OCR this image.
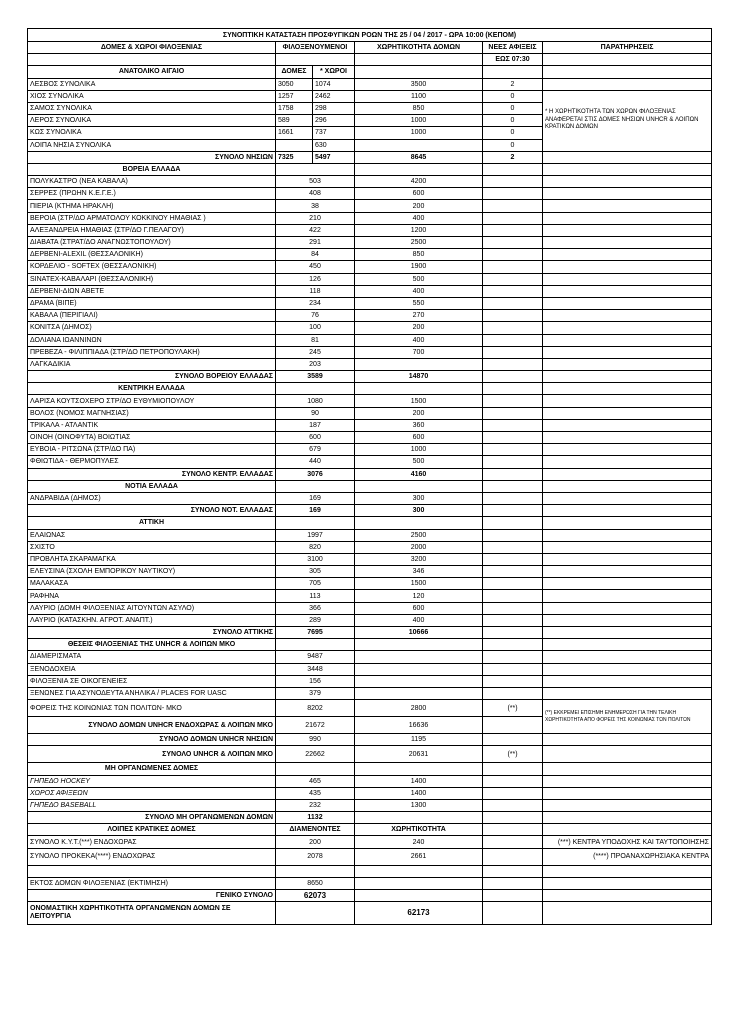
ΣΥΝΟΠΤΙΚΗ ΚΑΤΑΣΤΑΣΗ ΠΡΟΣΦΥΓΙΚΩΝ ΡΟΩΝ ΤΗΣ 25 / 04 / 2017 - ΩΡΑ 10:00 (ΚΕΠΟΜ)					
ΔΟΜΕΣ & ΧΩΡΟΙ ΦΙΛΟΞΕΝΙΑΣ	ΦΙΛΟΞΕΝΟΥΜΕΝΟΙ		ΧΩΡΗΤΙΚΟΤΗΤΑ ΔΟΜΩΝ	ΝΕΕΣ ΑΦΙΞΕΙΣ	ΠΑΡΑΤΗΡΗΣΕΙΣ
				ΕΩΣ 07:30	
ΑΝΑΤΟΛΙΚΟ ΑΙΓΑΙΟ	ΔΟΜΕΣ	* ΧΩΡΟΙ			
ΛΕΣΒΟΣ ΣΥΝΟΛΙΚΑ	3050	1074	3500	2	
ΧΙΟΣ ΣΥΝΟΛΙΚΑ	1257	2462	1100	0	* Η ΧΩΡΗΤΙΚΟΤΗΤΑ ΤΩΝ ΧΩΡΩΝ ΦΙΛΟΞΕΝΙΑΣ ΑΝΑΦΕΡΕΤΑΙ ΣΤΙΣ ΔΟΜΕΣ ΝΗΣΙΩΝ UNHCR & ΛΟΙΠΩΝ ΚΡΑΤΙΚΩΝ ΔΟΜΩΝ
ΣΑΜΟΣ ΣΥΝΟΛΙΚΑ	1758	298	850	0	
ΛΕΡΟΣ ΣΥΝΟΛΙΚΑ	589	296	1000	0	
ΚΩΣ ΣΥΝΟΛΙΚΑ	1661	737	1000	0	
ΛΟΙΠΑ ΝΗΣΙΑ ΣΥΝΟΛΙΚΑ		630		0	
ΣΥΝΟΛΟ ΝΗΣΙΩΝ	7325	5497	8645	2	
ΒΟΡΕΙΑ ΕΛΛΑΔΑ					
ΠΟΛΥΚΑΣΤΡΟ (ΝΕΑ ΚΑΒΑΛΑ)	503		4200		
ΣΕΡΡΕΣ (ΠΡΩΗΝ Κ.Ε.Γ.Ε.)	408		600		
ΠΙΕΡΙΑ (ΚΤΗΜΑ ΗΡΑΚΛΗ)	38		200		
ΒΕΡΟΙΑ (ΣΤΡ/ΔΟ ΑΡΜΑΤΟΛΟΥ ΚΟΚΚΙΝΟΥ ΗΜΑΘΙΑΣ )	210		400		
ΑΛΕΞΑΝΔΡΕΙΑ ΗΜΑΘΙΑΣ (ΣΤΡ/ΔΟ Γ.ΠΕΛΑΓΟΥ)	422		1200		
ΔΙΑΒΑΤΑ (ΣΤΡΑΤ/ΔΟ ΑΝΑΓΝΩΣΤΟΠΟΥΛΟΥ)	291		2500		
ΔΕΡΒΕΝΙ-ALEXIL (ΘΕΣΣΑΛΟΝΙΚΗ)	84		850		
ΚΟΡΔΕΛΙΟ - SOFTEX (ΘΕΣΣΑΛΟΝΙΚΗ)	450		1900		
SINATEX-ΚΑΒΑΛΑΡΙ (ΘΕΣΣΑΛΟΝΙΚΗ)	126		500		
ΔΕΡΒΕΝΙ-ΔΙΩΝ ΑΒΕΤΕ	118		400		
ΔΡΑΜΑ (ΒΙΠΕ)	234		550		
ΚΑΒΑΛΑ (ΠΕΡΙΓΙΑΛΙ)	76		270		
ΚΟΝΙΤΣΑ (ΔΗΜΟΣ)	100		200		
ΔΟΛΙΑΝΑ ΙΩΑΝΝΙΝΩΝ	81		400		
ΠΡΕΒΕΖΑ - ΦΙΛΙΠΠΙΑΔΑ (ΣΤΡ/ΔΟ ΠΕΤΡΟΠΟΥΛΑΚΗ)	245		700		
ΛΑΓΚΑΔΙΚΙΑ	203				
ΣΥΝΟΛΟ ΒΟΡΕΙΟΥ ΕΛΛΑΔΑΣ	3589		14870		
ΚΕΝΤΡΙΚΗ ΕΛΛΑΔΑ					
ΛΑΡΙΣΑ ΚΟΥΤΣΟΧΕΡΟ ΣΤΡ/ΔΟ ΕΥΘΥΜΙΟΠΟΥΛΟΥ	1080		1500		
ΒΟΛΟΣ (ΝΟΜΟΣ ΜΑΓΝΗΣΙΑΣ)	90		200		
ΤΡΙΚΑΛΑ - ΑΤΛΑΝΤΙΚ	187		360		
ΟΙΝΟΗ (ΟΙΝΟΦΥΤΑ) ΒΟΙΩΤΙΑΣ	600		600		
ΕΥΒΟΙΑ - ΡΙΤΣΩΝΑ (ΣΤΡ/ΔΟ ΠΑ)	679		1000		
ΦΘΙΩΤΙΔΑ - ΘΕΡΜΟΠΥΛΕΣ	440		500		
ΣΥΝΟΛΟ ΚΕΝΤΡ. ΕΛΛΑΔΑΣ	3076		4160		
ΝΟΤΙΑ ΕΛΛΑΔΑ					
ΑΝΔΡΑΒΙΔΑ (ΔΗΜΟΣ)	169		300		
ΣΥΝΟΛΟ ΝΟΤ. ΕΛΛΑΔΑΣ	169		300		
ΑΤΤΙΚΗ					
ΕΛΑΙΩΝΑΣ	1997		2500		
ΣΧΙΣΤΟ	820		2000		
ΠΡΟΒΛΗΤΑ ΣΚΑΡΑΜΑΓΚΑ	3100		3200		
ΕΛΕΥΣΙΝΑ (ΣΧΟΛΗ ΕΜΠΟΡΙΚΟΥ ΝΑΥΤΙΚΟΥ)	305		346		
ΜΑΛΑΚΑΣΑ	705		1500		
ΡΑΦΗΝΑ	113		120		
ΛΑΥΡΙΟ (ΔΟΜΗ ΦΙΛΟΞΕΝΙΑΣ ΑΙΤΟΥΝΤΩΝ ΑΣΥΛΟ)	366		600		
ΛΑΥΡΙΟ (ΚΑΤΑΣΚΗΝ. ΑΓΡΟΤ. ΑΝΑΠΤ.)	289		400		
ΣΥΝΟΛΟ ΑΤΤΙΚΗΣ	7695		10666		
ΘΕΣΕΙΣ ΦΙΛΟΞΕΝΙΑΣ ΤΗΣ UNHCR & ΛΟΙΠΩΝ ΜΚΟ					
ΔΙΑΜΕΡΙΣΜΑΤΑ	9487				
ΞΕΝΟΔΟΧΕΙΑ	3448				
ΦΙΛΟΞΕΝΙΑ ΣΕ ΟΙΚΟΓΕΝΕΙΕΣ	156				
ΞΕΝΩΝΕΣ ΓΙΑ ΑΣΥΝΟΔΕΥΤΑ ΑΝΗΛΙΚΑ / PLACES FOR UASC	379				
ΦΟΡΕΙΣ ΤΗΣ ΚΟΙΝΩΝΙΑΣ ΤΩΝ ΠΟΛΙΤΩΝ- ΜΚΟ	8202		2800	(**)	(**) ΕΚΚΡΕΜΕΙ ΕΠΙΣΗΜΗ ΕΝΗΜΕΡΩΣΗ ΓΙΑ ΤΗΝ ΤΕΛΙΚΗ ΧΩΡΗΤΙΚΟΤΗΤΑ ΑΠΟ ΦΟΡΕΙΣ ΤΗΣ ΚΟΙΝΩΝΙΑΣ ΤΩΝ ΠΟΛΙΤΩΝ
ΣΥΝΟΛΟ ΔΟΜΩΝ UNHCR ΕΝΔΟΧΩΡΑΣ & ΛΟΙΠΩΝ ΜΚΟ	21672		16636		
ΣΥΝΟΛΟ ΔΟΜΩΝ UNHCR ΝΗΣΙΩΝ	990		1195		
ΣΥΝΟΛΟ UNHCR & ΛΟΙΠΩΝ ΜΚΟ	22662		20631	(**)	
ΜΗ ΟΡΓΑΝΩΜΕΝΕΣ ΔΟΜΕΣ					
ΓΗΠΕΔΟ HOCKEY	465		1400		
ΧΩΡΟΣ ΑΦΙΞΕΩΝ	435		1400		
ΓΗΠΕΔΟ BASEBALL	232		1300		
ΣΥΝΟΛΟ ΜΗ ΟΡΓΑΝΩΜΕΝΩΝ ΔΟΜΩΝ	1132				
ΛΟΙΠΕΣ ΚΡΑΤΙΚΕΣ ΔΟΜΕΣ	ΔΙΑΜΕΝΟΝΤΕΣ		ΧΩΡΗΤΙΚΟΤΗΤΑ		
ΣΥΝΟΛΟ Κ.Υ.Τ.(***) ΕΝΔΟΧΩΡΑΣ	200		240		(***) ΚΕΝΤΡΑ ΥΠΟΔΟΧΗΣ ΚΑΙ ΤΑΥΤΟΠΟΙΗΣΗΣ
ΣΥΝΟΛΟ ΠΡΟΚΕΚΑ(****) ΕΝΔΟΧΩΡΑΣ	2078		2661		(****) ΠΡΟΑΝΑΧΩΡΗΣΙΑΚΑ ΚΕΝΤΡΑ

ΕΚΤΟΣ ΔΟΜΩΝ ΦΙΛΟΞΕΝΙΑΣ (ΕΚΤΙΜΗΣΗ)	8650				
ΓΕΝΙΚΟ ΣΥΝΟΛΟ	62073				
ΟΝΟΜΑΣΤΙΚΗ ΧΩΡΗΤΙΚΟΤΗΤΑ ΟΡΓΑΝΩΜΕΝΩΝ ΔΟΜΩΝ ΣΕ ΛΕΙΤΟΥΡΓΙΑ			62173		
